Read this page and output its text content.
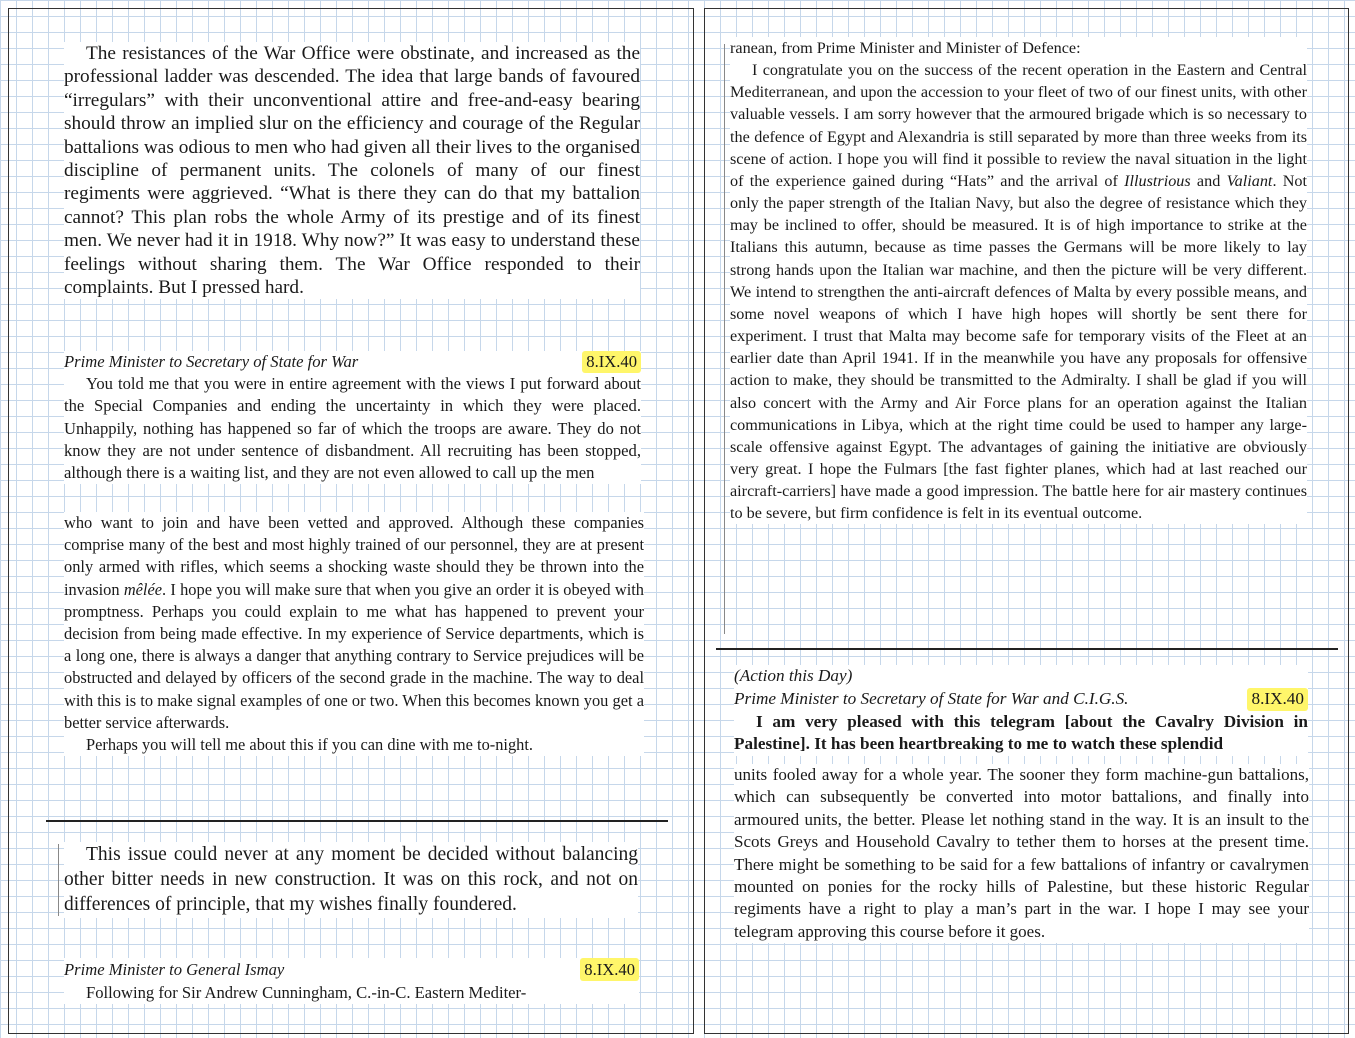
The resistances of the War Office were obstinate, and increased as the professional ladder was descended. The idea that large bands of favoured “irregulars” with their unconventional attire and free-and-easy bearing should throw an implied slur on the efficiency and courage of the Regular battalions was odious to men who had given all their lives to the organised discipline of permanent units. The colonels of many of our finest regiments were aggrieved. “What is there they can do that my battalion cannot? This plan robs the whole Army of its prestige and of its finest men. We never had it in 1918. Why now?” It was easy to understand these feelings without sharing them. The War Office responded to their complaints. But I pressed hard.

Prime Minister to Secretary of State for War	8.IX.40

You told me that you were in entire agreement with the views I put forward about the Special Companies and ending the uncertainty in which they were placed. Unhappily, nothing has happened so far of which the troops are aware. They do not know they are not under sentence of disbandment. All recruiting has been stopped, although there is a waiting list, and they are not even allowed to call up the men

who want to join and have been vetted and approved. Although these companies comprise many of the best and most highly trained of our personnel, they are at present only armed with rifles, which seems a shocking waste should they be thrown into the invasion mêlée. I hope you will make sure that when you give an order it is obeyed with promptness. Perhaps you could explain to me what has happened to prevent your decision from being made effective. In my experience of Service departments, which is a long one, there is always a danger that anything contrary to Service prejudices will be obstructed and delayed by officers of the second grade in the machine. The way to deal with this is to make signal examples of one or two. When this becomes known you get a better service afterwards.

Perhaps you will tell me about this if you can dine with me to-night.

This issue could never at any moment be decided without balancing other bitter needs in new construction. It was on this rock, and not on differences of principle, that my wishes finally foundered.

Prime Minister to General Ismay	8.IX.40

Following for Sir Andrew Cunningham, C.-in-C. Eastern Mediter-

ranean, from Prime Minister and Minister of Defence:

I congratulate you on the success of the recent operation in the Eastern and Central Mediterranean, and upon the accession to your fleet of two of our finest units, with other valuable vessels. I am sorry however that the armoured brigade which is so necessary to the defence of Egypt and Alexandria is still separated by more than three weeks from its scene of action. I hope you will find it possible to review the naval situation in the light of the experience gained during “Hats” and the arrival of Illustrious and Valiant. Not only the paper strength of the Italian Navy, but also the degree of resistance which they may be inclined to offer, should be measured. It is of high importance to strike at the Italians this autumn, because as time passes the Germans will be more likely to lay strong hands upon the Italian war machine, and then the picture will be very different. We intend to strengthen the anti-aircraft defences of Malta by every possible means, and some novel weapons of which I have high hopes will shortly be sent there for experiment. I trust that Malta may become safe for temporary visits of the Fleet at an earlier date than April 1941. If in the meanwhile you have any proposals for offensive action to make, they should be transmitted to the Admiralty. I shall be glad if you will also concert with the Army and Air Force plans for an operation against the Italian communications in Libya, which at the right time could be used to hamper any large-scale offensive against Egypt. The advantages of gaining the initiative are obviously very great. I hope the Fulmars [the fast fighter planes, which had at last reached our aircraft-carriers] have made a good impression. The battle here for air mastery continues to be severe, but firm confidence is felt in its eventual outcome.

(Action this Day)

Prime Minister to Secretary of State for War and C.I.G.S.	8.IX.40

I am very pleased with this telegram [about the Cavalry Division in Palestine]. It has been heartbreaking to me to watch these splendid

units fooled away for a whole year. The sooner they form machine-gun battalions, which can subsequently be converted into motor battalions, and finally into armoured units, the better. Please let nothing stand in the way. It is an insult to the Scots Greys and Household Cavalry to tether them to horses at the present time. There might be something to be said for a few battalions of infantry or cavalrymen mounted on ponies for the rocky hills of Palestine, but these historic Regular regiments have a right to play a man’s part in the war. I hope I may see your telegram approving this course before it goes.
